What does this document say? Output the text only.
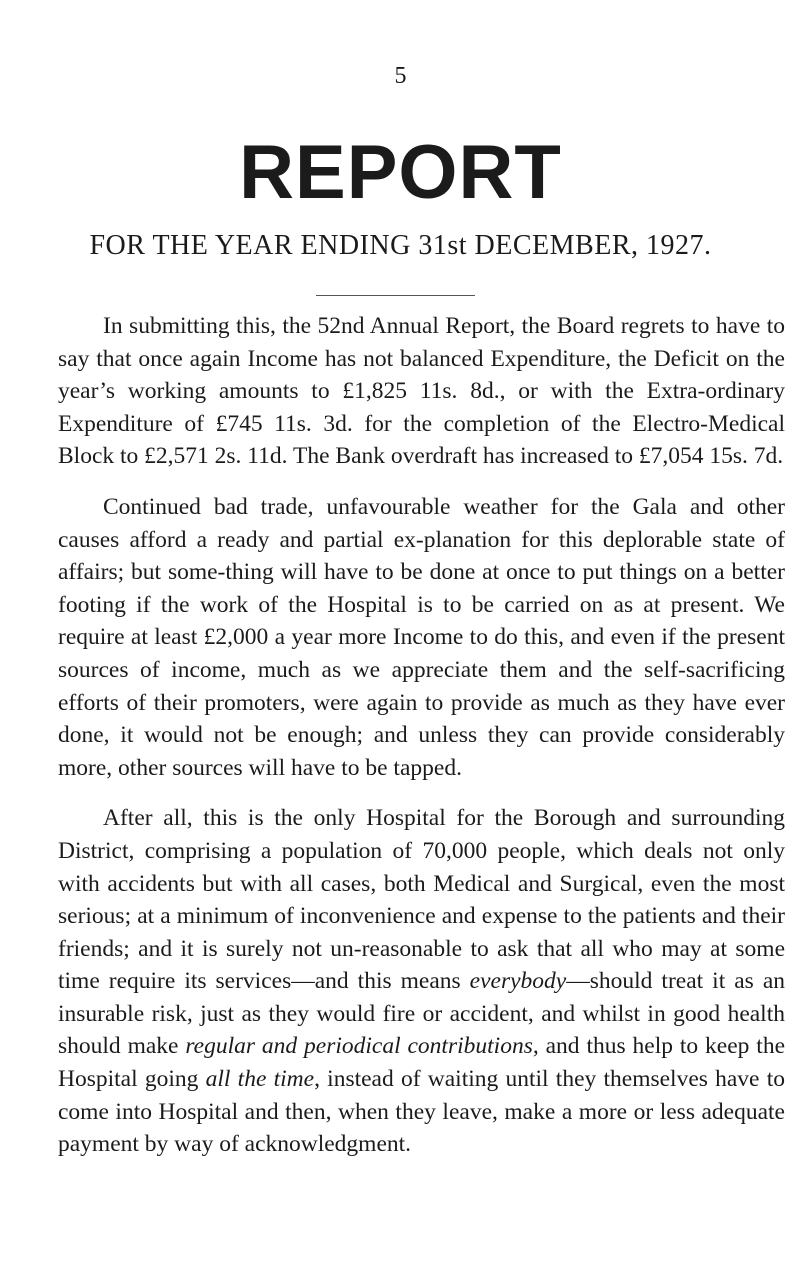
5
REPORT
FOR THE YEAR ENDING 31st DECEMBER, 1927.

In submitting this, the 52nd Annual Report, the Board regrets to have to say that once again Income has not balanced Expenditure, the Deficit on the year’s working amounts to £1,825 11s. 8d., or with the Extra-ordinary Expenditure of £745 11s. 3d. for the completion of the Electro-Medical Block to £2,571 2s. 11d. The Bank overdraft has increased to £7,054 15s. 7d.

Continued bad trade, unfavourable weather for the Gala and other causes afford a ready and partial ex-planation for this deplorable state of affairs; but some-thing will have to be done at once to put things on a better footing if the work of the Hospital is to be carried on as at present. We require at least £2,000 a year more Income to do this, and even if the present sources of income, much as we appreciate them and the self-sacrificing efforts of their promoters, were again to provide as much as they have ever done, it would not be enough; and unless they can provide considerably more, other sources will have to be tapped.

After all, this is the only Hospital for the Borough and surrounding District, comprising a population of 70,000 people, which deals not only with accidents but with all cases, both Medical and Surgical, even the most serious; at a minimum of inconvenience and expense to the patients and their friends; and it is surely not un-reasonable to ask that all who may at some time require its services—and this means everybody—should treat it as an insurable risk, just as they would fire or accident, and whilst in good health should make regular and periodical contributions, and thus help to keep the Hospital going all the time, instead of waiting until they themselves have to come into Hospital and then, when they leave, make a more or less adequate payment by way of acknowledgment.
